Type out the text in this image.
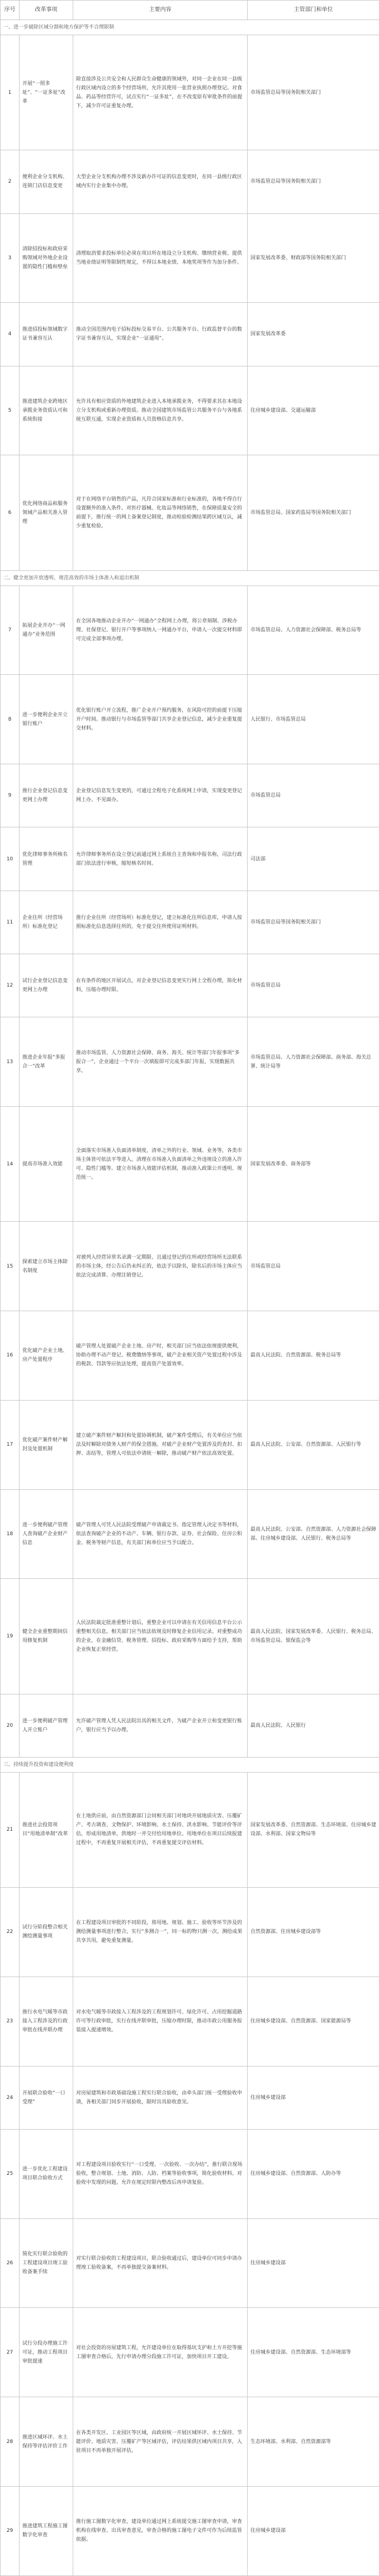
序号	改革事项	主要内容	主管部门和单位
一、进一步破除区域分割和地方保护等不合理限制			
1	开展“一照多址”、“一证多址”改革	除直接涉及公共安全和人民群众生命健康的领域外，对同一企业在同一县级行政区域内设立的多个经营场所，允许其使用一张营业执照办理登记。对食品、药品等经营许可，试点实行“一证多址”，在不改变原有审批条件的前提下，减少许可证重复办理。	市场监管总局等国务院相关部门
2	便利企业分支机构、连锁门店信息变更	大型企业分支机构办理不涉及新办许可证的信息变更时，在同一县级行政区域内实行企业集中办理。	市场监管总局等国务院相关部门
3	清除招投标和政府采购领域对外地企业设置的隐性门槛和壁垒	清理取消要求投标单位必须在项目所在地设立分支机构、缴纳营业税、提供当地业绩证明等限制性规定，不得以本地业绩、本地奖项等作为加分条件。	国家发展改革委、财政部等国务院相关部门
4	推进招投标领域数字证书兼容互认	推动全国范围内电子招标投标交易平台、公共服务平台、行政监督平台的数字证书兼容互认，实现企业“一证通用”。	国家发展改革委
5	推进建筑企业跨地区承揽业务资质认可和系统衔接	允许具有相应资质的外地建筑企业进入本地承揽业务，不得要求其在本地设立分支机构或重新办理资质。推动全国建筑市场监管公共服务平台与各地系统互联互通，实现企业资质和人员资格信息共享。	住房城乡建设部、交通运输部
6	优化网络商品和服务领域产品相关准入管理	对于在网络平台销售的产品，凡符合国家标准和行业标准的，各地不得自行设置额外的准入条件。对医疗器械、化妆品等网络销售，在保障质量安全的前提下，推行统一的网上备案登记制度，推动检验检测结果跨区域互认，减少重复检验。	市场监管总局、国家药监局等国务院相关部门
二、健全更加开放透明、规范高效的市场主体准入和退出机制			
7	拓展企业开办“一网通办”业务范围	在全国各地推动企业开办“一网通办”全程网上办理，将公章刻制、涉税办理、社保登记、银行开户等事项纳入一网通办平台，申请人一次提交材料即可完成全部事项办理。	市场监管总局、人力资源社会保障部、税务总局等
8	进一步便利企业开立银行账户	优化银行账户开立流程，推广企业开户预约服务，在风险可控的前提下压缩开户时间。推动银行与市场监管等部门共享企业登记信息，减少企业重复提交材料。	人民银行、市场监管总局
9	推行企业登记信息变更网上办理	企业登记信息发生变更的，可通过全程电子化系统网上申请，实现变更登记网上办、不见面办。	市场监管总局
10	优化律师事务所核名管理	允许律师事务所在设立登记前通过网上系统自主查询和申报名称，司法行政部门依法进行审核，缩短核名时间。	司法部
11	企业住所（经营场所）标准化登记	推行企业住所（经营场所）标准化登记，建立标准化住所信息库，申请人按照标准化信息选择住所的，免于提交住所使用证明材料。	市场监管总局等国务院相关部门
12	试行企业登记信息变更网上办理	在有条件的地区开展试点，对企业登记信息变更实行网上全程办理，简化材料，压缩办理时限。	市场监管总局
13	推进企业年报“多报合一”改革	推动市场监管、人力资源社会保障、商务、海关、统计等部门年报事项“多报合一”，企业通过一个平台一次填报即可完成多部门年报，实现数据共享。	市场监管总局、人力资源社会保障部、商务部、海关总署、统计局等
14	提高市场准入效能	全面落实市场准入负面清单制度，清单之外的行业、领域、业务等，各类市场主体皆可依法平等进入。清理在市场准入负面清单之外违规设立的准入许可、隐性门槛等。建立市场准入效能评估机制，推动准入政策公开透明、规范统一。	国家发展改革委、商务部等
15	探索建立市场主体除名制度	对被列入经营异常名录满一定期限、且通过登记的住所或经营场所无法联系的市场主体，经公告后仍未纠正的，依法予以除名，除名后的市场主体应当依法完成清算、办理注销登记。	市场监管总局
16	优化破产企业土地、房产处置程序	破产管理人处置破产企业土地、房产时，相关部门应当依法依规提供便利，协助办理不动产登记、税费缴纳等事项，破产企业相关资产处置过程中涉及的税款、罚款等应依法处理，提高资产处置效率。	最高人民法院、自然资源部、税务总局等
17	优化破产案件财产解封及处置机制	建立破产案件财产解封和处置协调机制，破产案件受理后，有关单位应当依法及时解除对债务人财产的保全措施。对破产企业财产处置涉及的查封、扣押、冻结等，管理人可依法申请统一解除，推动破产财产依法高效处置。	最高人民法院、公安部、自然资源部、人民银行等
18	进一步便利破产管理人查询破产企业财产信息	破产管理人可凭人民法院受理破产申请裁定书、指定管理人决定书等材料，依法查询破产企业的不动产、车辆、银行存款、证券、社会保险、住房公积金、税务等财产信息，有关部门和单位应当予以配合。	最高人民法院、公安部、自然资源部、人力资源社会保障部、住房城乡建设部、人民银行、税务总局等
19	健全企业重整期间信用修复机制	人民法院裁定批准重整计划后，重整企业可以申请在有关信用信息平台公示重整相关信息，相关部门应当依法依规及时修复企业信用记录。对重整成功的企业，在金融信贷、税务管理、招投标、政府采购等方面给予支持，帮助企业恢复正常经营。	最高人民法院、国家发展改革委、人民银行、税务总局、市场监管总局、银保监会等
20	进一步便利破产管理人开立账户	允许破产管理人凭人民法院出具的相关文件，为破产企业开立和变更银行账户，银行应当予以办理。	最高人民法院、人民银行
三、持续提升投资和建设便利度			
21	推进社会投资项目“用地清单制”改革	在土地供应前，由自然资源部门会同相关部门对地块开展地质灾害、压覆矿产、考古调查、文物保护、环境影响、水土保持、洪水影响、节能评价等评估，形成用地清单，供地时一并交付给用地单位。用地单位在项目后续报建过程中，不再重复开展相关评估，不再重复提交评估材料。	国家发展改革委、自然资源部、生态环境部、住房城乡建设部、水利部、国家文物局等
22	试行分阶段整合相关测绘测量事项	在工程建设项目审批的不同阶段，将用地、规划、施工、验收等环节涉及的测绘测量事项进行整合，实行“多测合一”，同一标的物只测一次，测绘成果共享共用，避免重复测量。	自然资源部、住房城乡建设部等
23	推行水电气暖等市政接入工程涉及的行政审批在线并联办理	对水电气暖等市政接入工程涉及的工程规划许可、绿化许可、占用挖掘道路许可等行政审批，实行在线并联审批，压缩办理时限，推动市政公用服务报装接入提速增效。	住房城乡建设部、自然资源部、国家能源局等
24	开展联合验收“一口受理”	对房屋建筑和市政基础设施工程实行联合验收，由牵头部门统一受理验收申请，各相关部门同步开展验收，限时出具验收意见。	住房城乡建设部
25	进一步优化工程建设项目联合验收方式	对工程建设项目验收实行“一口受理、一次验收、一次办结”，推行联合现场验收，整合规划、土地、消防、人防、档案等验收事项，简化验收材料。对验收中发现的问题，允许在规定时限内整改后再申请复验。	住房城乡建设部、自然资源部、人防办等
26	简化实行联合验收的工程建设项目竣工验收备案手续	对实行联合验收的工程建设项目，联合验收通过后，建设单位可同步申请办理竣工验收备案，不再单独提交备案材料。	住房城乡建设部
27	试行分段办理施工许可证，推动工程项目审批提速	对社会投资的房屋建筑工程，允许建设单位在取得基坑支护和土方开挖等施工图审查合格后，先行申请办理分段施工许可证，加快项目开工建设。	住房城乡建设部、自然资源部、生态环境部等
28	推进区域环评、水土保持等评估评价工作	在各类开发区、工业园区等区域，由政府统一开展区域环评、水土保持、节能评价、地质灾害、压覆矿产等区域评估，评估结果供区域内项目共享，入驻项目不再单独开展评估。	生态环境部、水利部、自然资源部等
29	推进建筑工程施工图数字化审查	推行施工图数字化审查，建设单位通过网上系统提交施工图审查申请，审查机构在线审查、出具审查意见，审查合格的施工图电子文件可作为后续监管依据。	住房城乡建设部
